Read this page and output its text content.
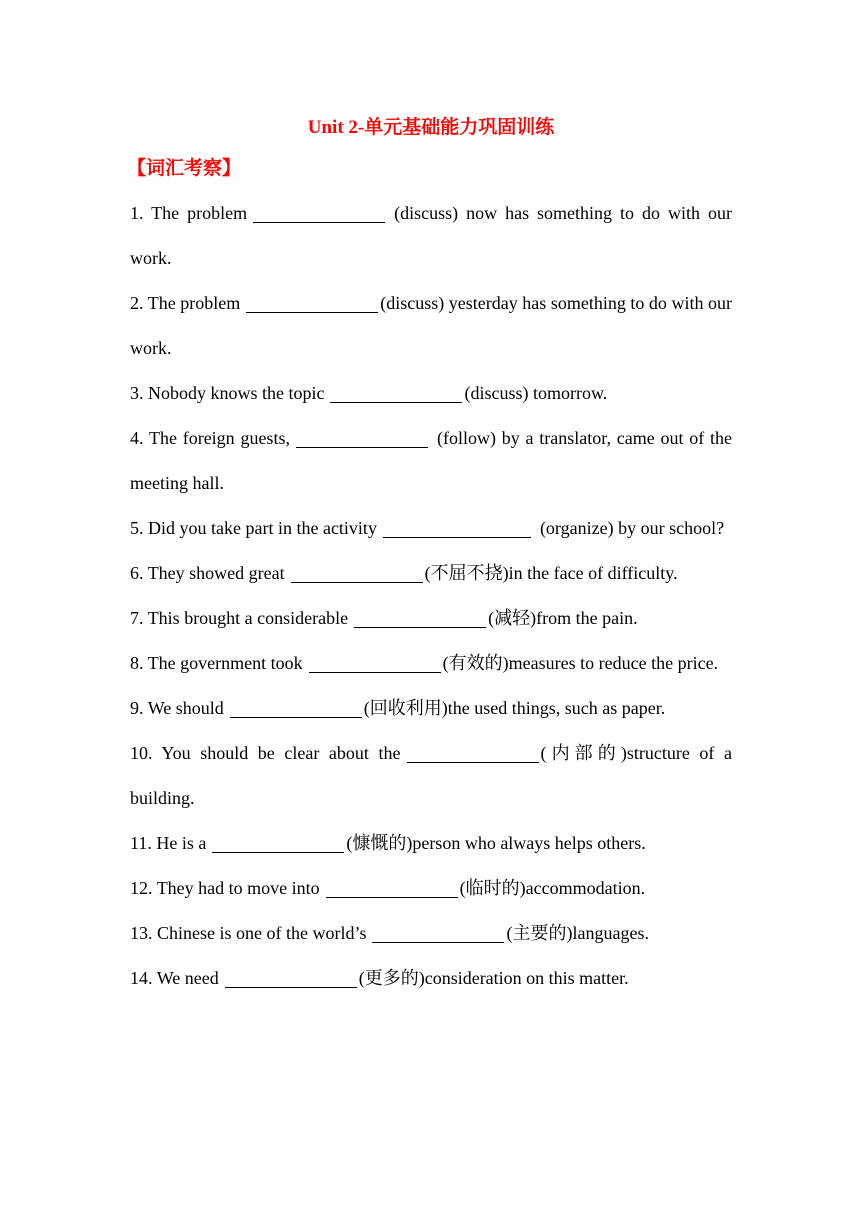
Unit 2-单元基础能力巩固训练
【词汇考察】
1. The problem	(discuss) now has something to do with our work.
2. The problem	(discuss) yesterday has something to do with our work.
3. Nobody knows the topic	(discuss) tomorrow.
4. The foreign guests,	(follow) by a translator, came out of the meeting hall.
5. Did you take part in the activity	(organize) by our school?
6. They showed great	(不屈不挠)in the face of difficulty.
7. This brought a considerable	(减轻)from the pain.
8. The government took	(有效的)measures to reduce the price.
9. We should	(回收利用)the used things, such as paper.
10. You should be clear about the	(内部的)structure of a building.
11. He is a	(慷慨的)person who always helps others.
12. They had to move into	(临时的)accommodation.
13. Chinese is one of the world’s	(主要的)languages.
14. We need	(更多的)consideration on this matter.
